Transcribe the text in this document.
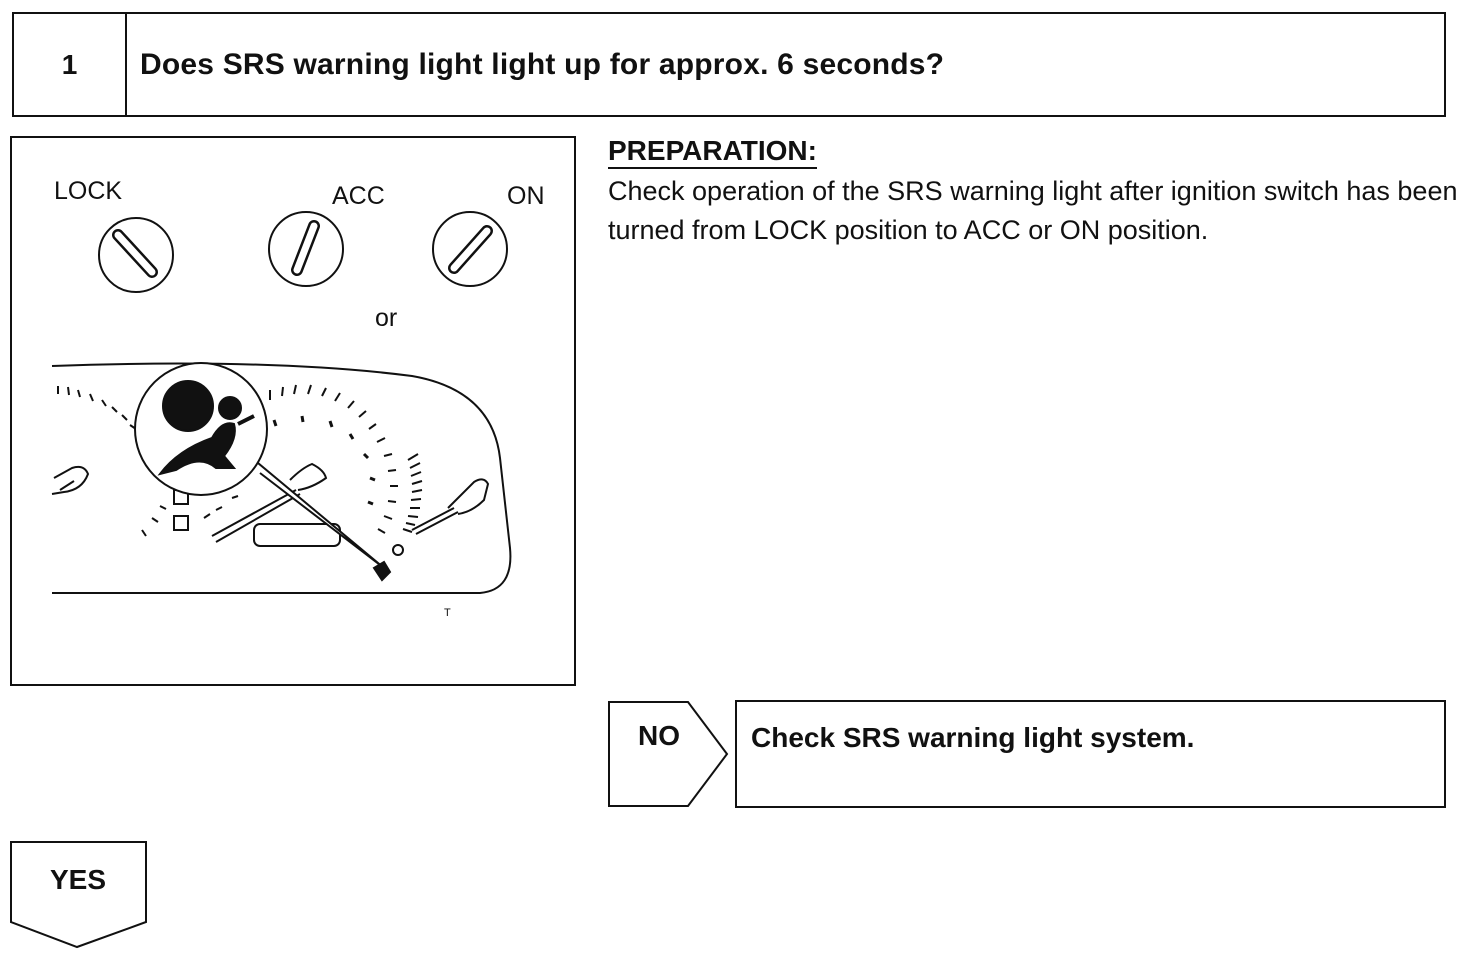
1	Does SRS warning light light up for approx. 6 seconds?
LOCK	ACC	ON
or
T
PREPARATION:
Check operation of the SRS warning light after ignition switch has been turned from LOCK position to ACC or ON position.
NO	Check SRS warning light system.
YES
